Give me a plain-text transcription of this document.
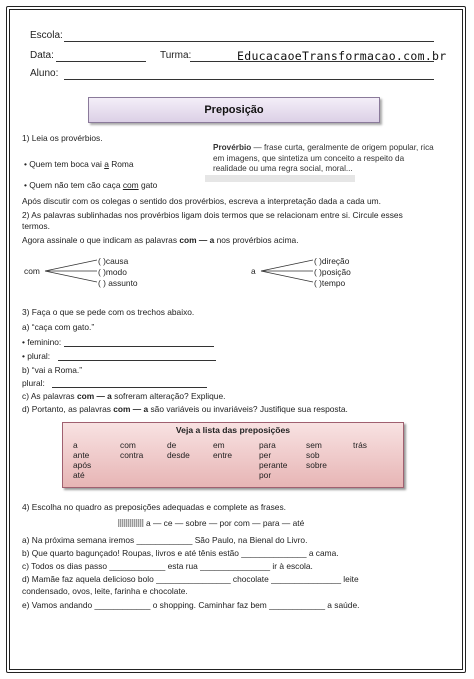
Escola:
Data:	Turma:	EducacaoeTransformacao.com.br
Aluno:
Preposição
1) Leia os provérbios.
• Quem tem boca vai a Roma
• Quem não tem cão caça com gato
Provérbio — frase curta, geralmente de origem popular, rica em imagens, que sintetiza um conceito a respeito da realidade ou uma regra social, moral...
Após discutir com os colegas o sentido dos provérbios, escreva a interpretação dada a cada um.
2) As palavras sublinhadas nos provérbios ligam dois termos que se relacionam entre si. Circule esses
termos.
Agora assinale o que indicam as palavras com — a nos provérbios acima.
com
( )causa
( )modo
( ) assunto
a
( )direção
( )posição
( )tempo
3) Faça o que se pede com os trechos abaixo.
a) “caça com gato.”
• feminino:
• plural:
b) “vai a Roma.”
plural:
c) As palavras com — a sofreram alteração? Explique.
d) Portanto, as palavras com — a são variáveis ou invariáveis? Justifique sua resposta.
Veja a lista das preposições
a
ante
após
até
com
contra
de
desde
em
entre
para
per
perante
por
sem
sob
sobre
trás
4) Escolha no quadro as preposições adequadas e complete as frases.
a — ce — sobre — por com — para — até
a) Na próxima semana iremos ____________ São Paulo, na Bienal do Livro.
b) Que quarto bagunçado! Roupas, livros e até tênis estão ______________ a cama.
c) Todos os dias passo ____________ esta rua _______________ ir à escola.
d) Mamãe faz aquela delicioso bolo ________________ chocolate _______________ leite
condensado, ovos, leite, farinha e chocolate.
e) Vamos andando ____________ o shopping. Caminhar faz bem ____________ a saúde.
